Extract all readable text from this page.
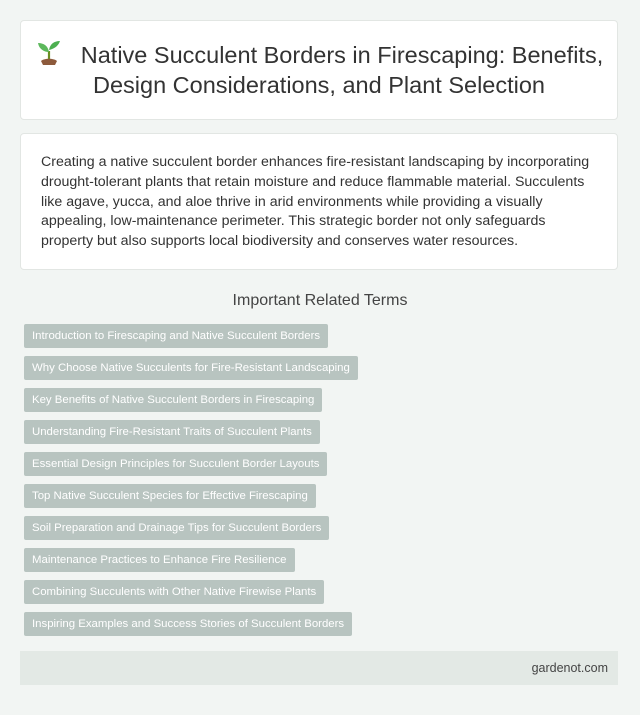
Native Succulent Borders in Firescaping: Benefits, Design Considerations, and Plant Selection

Creating a native succulent border enhances fire-resistant landscaping by incorporating drought-tolerant plants that retain moisture and reduce flammable material. Succulents like agave, yucca, and aloe thrive in arid environments while providing a visually appealing, low-maintenance perimeter. This strategic border not only safeguards property but also supports local biodiversity and conserves water resources.

Important Related Terms
Introduction to Firescaping and Native Succulent Borders
Why Choose Native Succulents for Fire-Resistant Landscaping
Key Benefits of Native Succulent Borders in Firescaping
Understanding Fire-Resistant Traits of Succulent Plants
Essential Design Principles for Succulent Border Layouts
Top Native Succulent Species for Effective Firescaping
Soil Preparation and Drainage Tips for Succulent Borders
Maintenance Practices to Enhance Fire Resilience
Combining Succulents with Other Native Firewise Plants
Inspiring Examples and Success Stories of Succulent Borders
gardenot.com
